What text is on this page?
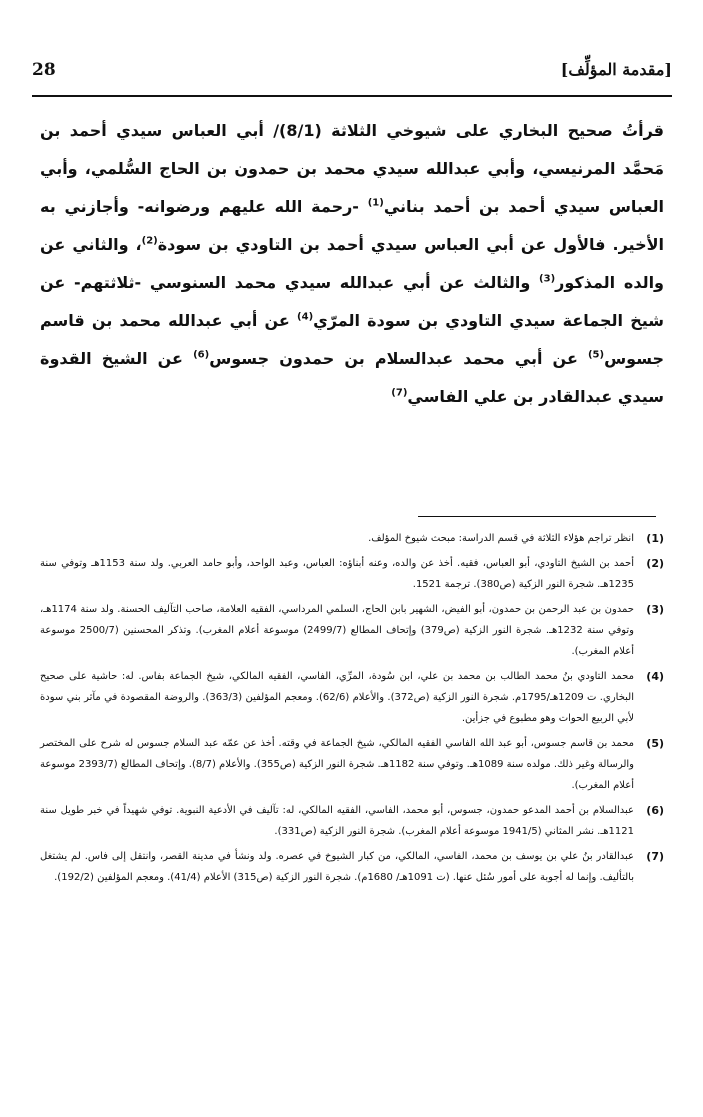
28	[مقدمة المؤلِّف]
قرأتُ صحيح البخاري على شيوخي الثلاثة (8/1)/ أبي العباس سيدي أحمد بن مَحمَّد المرنيسي، وأبي عبدالله سيدي محمد بن حمدون بن الحاج السُّلمي، وأبي العباس سيدي أحمد بن أحمد بناني$^{(1)}$ -رحمة الله عليهم ورضوانه- وأجازني به الأخير. فالأول عن أبي العباس سيدي أحمد بن التاودي بن سودة$^{(2)}$، والثاني عن والده المذكور$^{(3)}$ والثالث عن أبي عبدالله سيدي محمد السنوسي -ثلاثتهم- عن شيخ الجماعة سيدي التاودي بن سودة المرّي$^{(4)}$ عن أبي عبدالله محمد بن قاسم جسوس$^{(5)}$ عن أبي محمد عبدالسلام بن حمدون جسوس$^{(6)}$ عن الشيخ القدوة سيدي عبدالقادر بن علي الفاسي$^{(7)}$
(1)
انظر تراجم هؤلاء الثلاثة في قسم الدراسة: مبحث شيوخ المؤلف.
(2)
أحمد بن الشيخ التاودي، أبو العباس، فقيه. أخذ عن والده، وعنه أبناؤه: العباس، وعبد الواحد، وأبو حامد العربي. ولد سنة 1153هـ وتوفي سنة 1235هـ. شجرة النور الزكية (ص380). ترجمة 1521.
(3)
حمدون بن عبد الرحمن بن حمدون، أبو الفيض، الشهير بابن الحاج، السلمي المرداسي، الفقيه العلامة، صاحب التآليف الحسنة. ولد سنة 1174هـ، وتوفي سنة 1232هـ. شجرة النور الزكية (ص379) وإتحاف المطالع (2499/7) موسوعة أعلام المغرب). وتذكر المحسنين (2500/7 موسوعة أعلام المغرب).
(4)
محمد التاودي بنُ محمد الطالب بن محمد بن علي، ابن سُودة، المرِّي، الفاسي، الفقيه المالكي، شيخ الجماعة بفاس. له: حاشية على صحيح البخاري. ت 1209هـ/1795م. شجرة النور الزكية (ص372). والأعلام (62/6). ومعجم المؤلفين (363/3). والروضة المقصودة في مآثر بني سودة لأبي الربيع الحوات وهو مطبوع في جزأين.
(5)
محمد بن قاسم جسوس، أبو عبد الله الفاسي الفقيه المالكي، شيخ الجماعة في وقته. أخذ عن عمّه عبد السلام جسوس له شرح على المختصر والرسالة وغير ذلك. مولده سنة 1089هـ. وتوفي سنة 1182هـ. شجرة النور الزكية (ص355). والأعلام (8/7). وإتحاف المطالع (2393/7 موسوعة أعلام المغرب).
(6)
عبدالسلام بن أحمد المدعو حمدون، جسوس، أبو محمد، الفاسي، الفقيه المالكي، له: تآليف في الأدعية النبوية. توفي شهيداً في خبر طويل سنة 1121هـ. نشر المثاني (1941/5 موسوعة أعلام المغرب). شجرة النور الزكية (ص331).
(7)
عبدالقادر بنُ علي بن يوسف بن محمد، الفاسي، المالكي، من كبار الشيوخ في عصره. ولد ونشأ في مدينة القصر، وانتقل إلى فاس. لم يشتغل بالتأليف. وإنما له أجوبة على أمور سُئل عنها. (ت 1091هـ/ 1680م). شجرة النور الزكية (ص315) الأعلام (41/4). ومعجم المؤلفين (192/2).
